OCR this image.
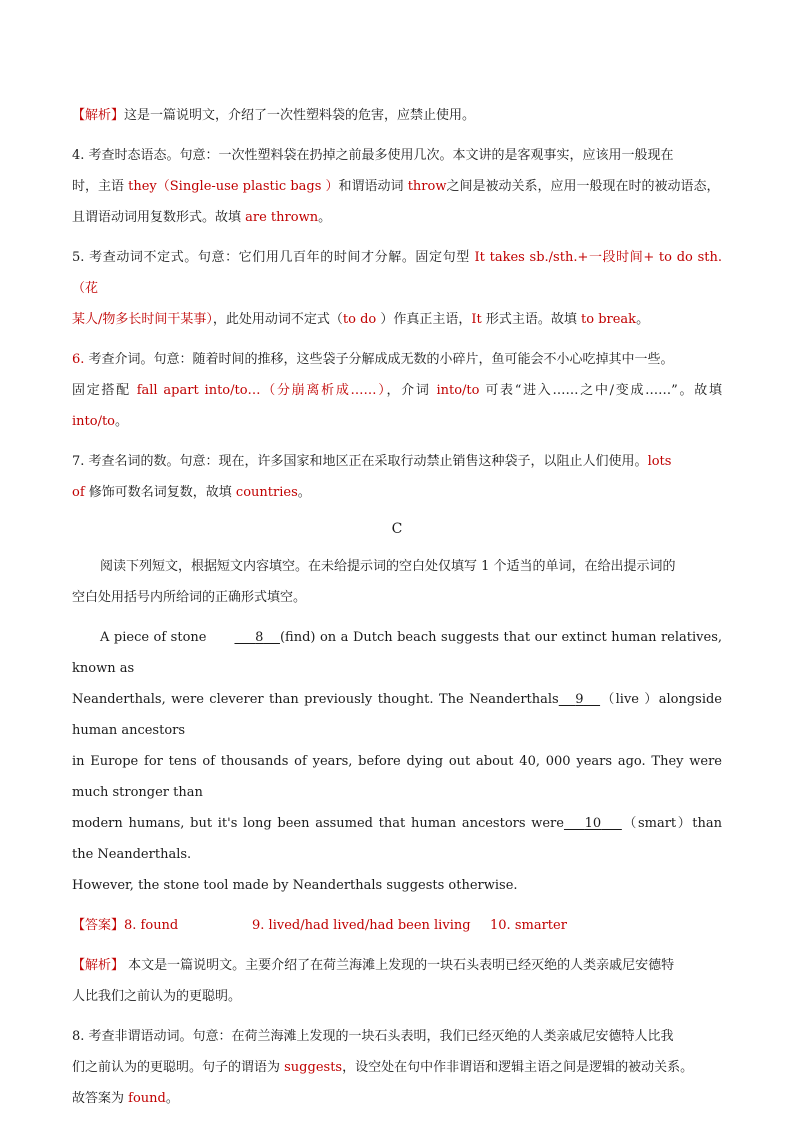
【解析】这是一篇说明文，介绍了一次性塑料袋的危害，应禁止使用。

4. 考查时态语态。句意：一次性塑料袋在扔掉之前最多使用几次。本文讲的是客观事实，应该用一般现在

时，主语 they（Single-use plastic bags ）和谓语动词 throw之间是被动关系，应用一般现在时的被动语态，

且谓语动词用复数形式。故填 are thrown。

5. 考查动词不定式。句意：它们用几百年的时间才分解。固定句型 It takes sb./sth.+一段时间+ to do sth.（花

某人/物多长时间干某事），此处用动词不定式（to do ）作真正主语，It 形式主语。故填 to break。

6. 考查介词。句意：随着时间的推移，这些袋子分解成成无数的小碎片，鱼可能会不小心吃掉其中一些。

固定搭配 fall apart into/to…（分崩离析成……），介词 into/to 可表“进入……之中/变成……”。故填 into/to。

7. 考查名词的数。句意：现在，许多国家和地区正在采取行动禁止销售这种袋子，以阻止人们使用。lots

of 修饰可数名词复数，故填 countries。

C

阅读下列短文，根据短文内容填空。在未给提示词的空白处仅填写 1 个适当的单词，在给出提示词的

空白处用括号内所给词的正确形式填空。

A piece of stone	8 (find) on a Dutch beach suggests that our extinct human relatives, known as

Neanderthals, were cleverer than previously thought. The Neanderthals 9 （live ）alongside human ancestors

in Europe for tens of thousands of years, before dying out about 40, 000 years ago. They were much stronger than

modern humans, but it's long been assumed that human ancestors were 10 （smart）than the Neanderthals.

However, the stone tool made by Neanderthals suggests otherwise.

【答案】8. found	9. lived/had lived/had been living 10. smarter

【解析】 本文是一篇说明文。主要介绍了在荷兰海滩上发现的一块石头表明已经灭绝的人类亲戚尼安德特

人比我们之前认为的更聪明。

8. 考查非谓语动词。句意：在荷兰海滩上发现的一块石头表明，我们已经灭绝的人类亲戚尼安德特人比我

们之前认为的更聪明。句子的谓语为 suggests，设空处在句中作非谓语和逻辑主语之间是逻辑的被动关系。

故答案为 found。
